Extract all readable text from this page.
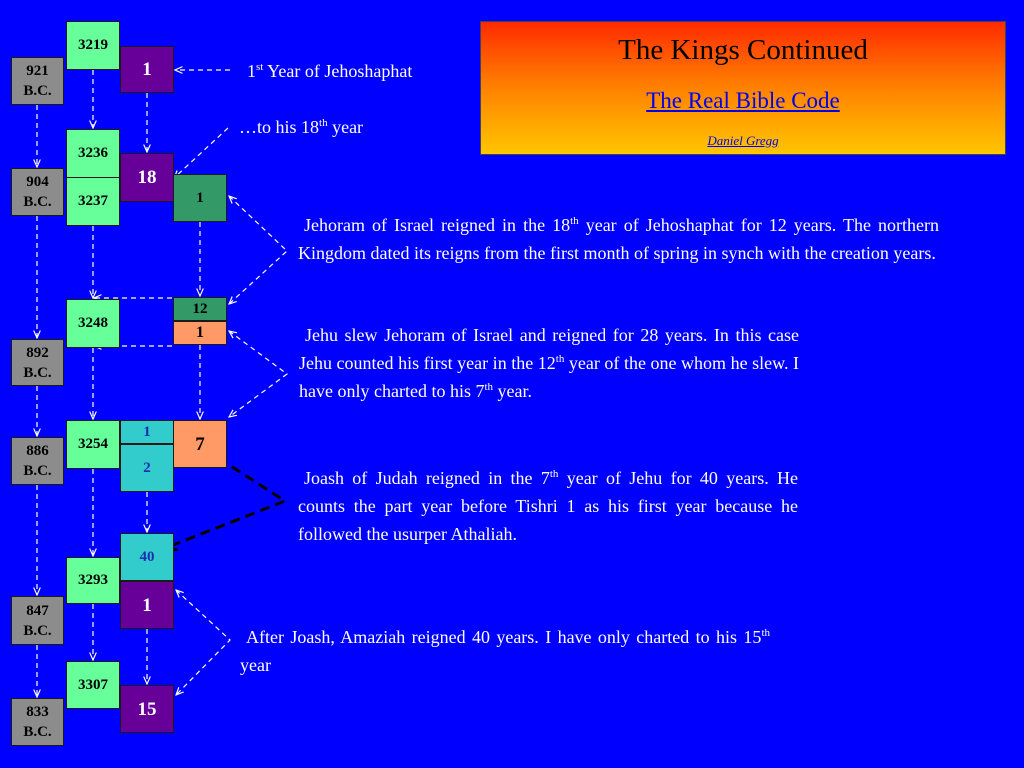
921
B.C.
904
B.C.
892
B.C.
886
B.C.
847
B.C.
833
B.C.
3219
3236
3237
3248
3254
3293
3307
1
18
1
12
1
1
2
7
40
1
15
The Kings Continued
The Real Bible Code
Daniel Gregg
1st Year of Jehoshaphat
…to his 18th year
Jehoram of Israel reigned in the 18th year of Jehoshaphat for 12 years. The northern Kingdom dated its reigns from the first month of spring in synch with the creation years.
Jehu slew Jehoram of Israel and reigned for 28 years. In this case Jehu counted his first year in the 12th year of the one whom he slew. I have only charted to his 7th year.
Joash of Judah reigned in the 7th year of Jehu for 40 years. He counts the part year before Tishri 1 as his first year because he followed the usurper Athaliah.
After Joash, Amaziah reigned 40 years. I have only charted to his 15th year
